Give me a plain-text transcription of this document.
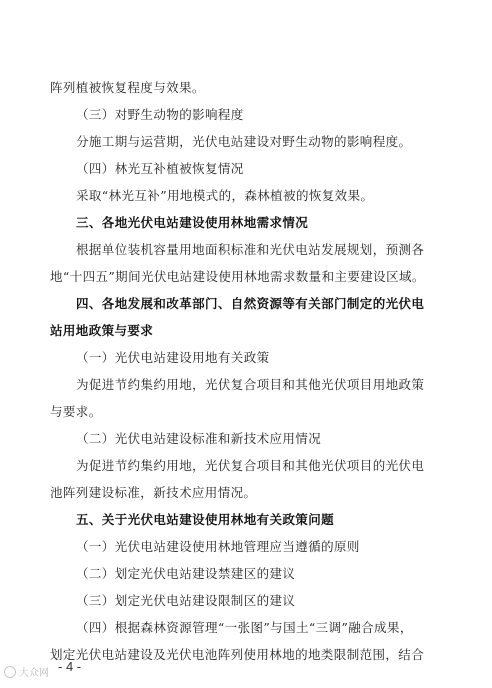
阵列植被恢复程度与效果。
（三）对野生动物的影响程度
分施工期与运营期，光伏电站建设对野生动物的影响程度。
（四）林光互补植被恢复情况
采取“林光互补”用地模式的，森林植被的恢复效果。
三、各地光伏电站建设使用林地需求情况
根据单位装机容量用地面积标准和光伏电站发展规划，预测各
地“十四五”期间光伏电站建设使用林地需求数量和主要建设区域。
四、各地发展和改革部门、自然资源等有关部门制定的光伏电
站用地政策与要求
（一）光伏电站建设用地有关政策
为促进节约集约用地，光伏复合项目和其他光伏项目用地政策
与要求。
（二）光伏电站建设标准和新技术应用情况
为促进节约集约用地，光伏复合项目和其他光伏项目的光伏电
池阵列建设标准，新技术应用情况。
五、关于光伏电站建设使用林地有关政策问题
（一）光伏电站建设使用林地管理应当遵循的原则
（二）划定光伏电站建设禁建区的建议
（三）划定光伏电站建设限制区的建议
（四）根据森林资源管理“一张图”与国土“三调”融合成果，
划定光伏电站建设及光伏电池阵列使用林地的地类限制范围，结合
- 4 -
大众网
